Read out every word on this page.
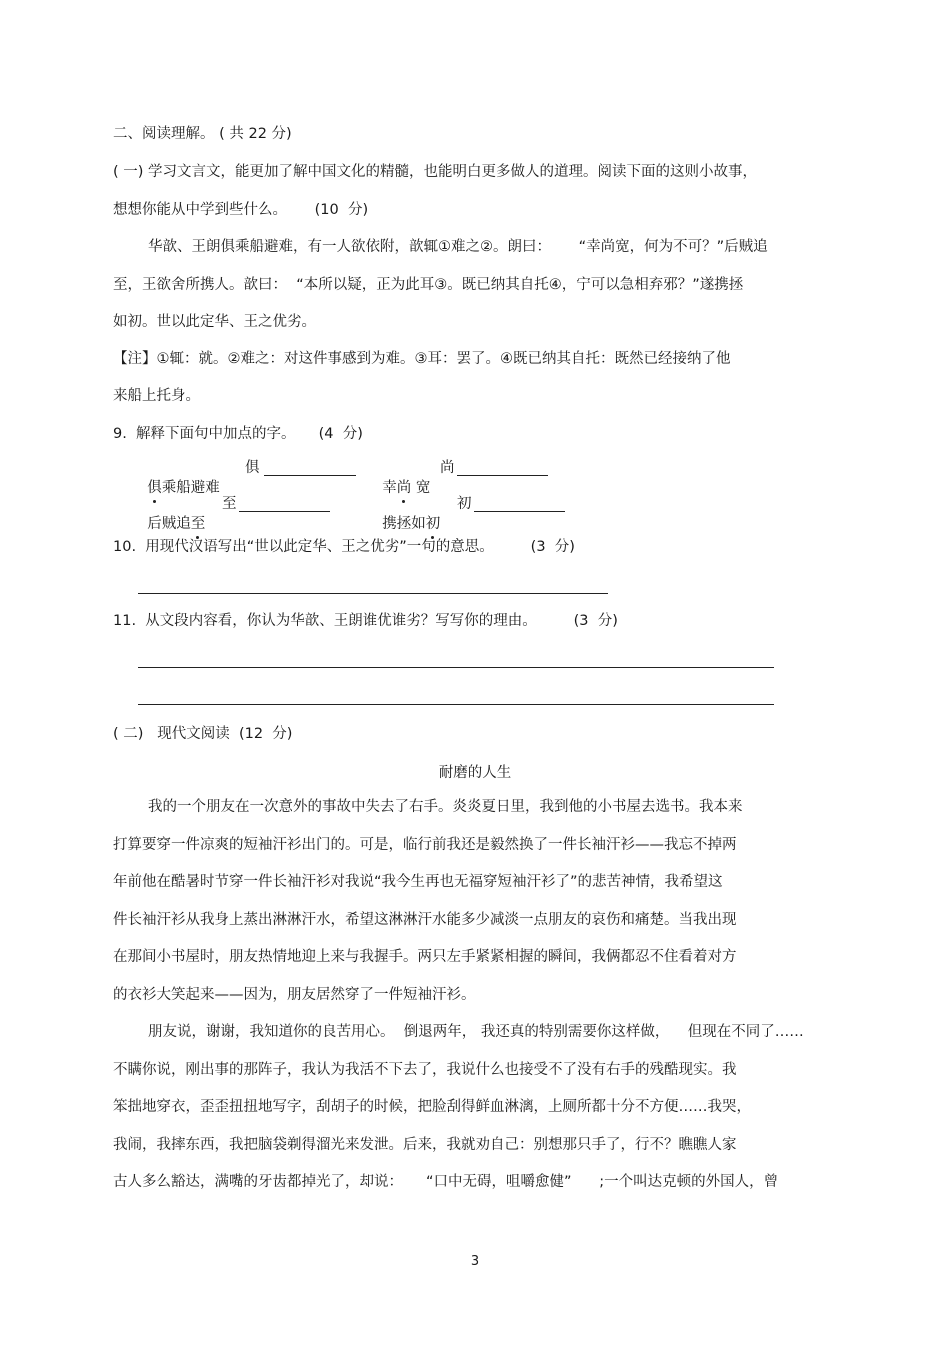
二、阅读理解。 ( 共 22 分)
( 一) 学习文言文，能更加了解中国文化的精髓，也能明白更多做人的道理。阅读下面的这则小故事，
想想你能从中学到些什么。      (10  分)
华歆、王朗俱乘船避难，有一人欲依附，歆辄①难之②。朗曰：      “幸尚宽，何为不可？”后贼追
至，王欲舍所携人。歆曰：  “本所以疑，正为此耳③。既已纳其自托④，宁可以急相弃邪？”遂携拯
如初。世以此定华、王之优劣。
【注】①辄：就。②难之：对这件事感到为难。③耳：罢了。④既已纳其自托：既然已经接纳了他
来船上托身。
9.  解释下面句中加点的字。     (4  分)

俱乘船避难

俱

幸尚 宽

尚

后贼追至

至

携拯如初

初
10.  用现代汉语写出“世以此定华、王之优劣”一句的意思。        (3  分)
11.  从文段内容看，你认为华歆、王朗谁优谁劣？写写你的理由。        (3  分)
( 二)   现代文阅读  (12  分)
耐磨的人生
我的一个朋友在一次意外的事故中失去了右手。炎炎夏日里，我到他的小书屋去选书。我本来
打算要穿一件凉爽的短袖汗衫出门的。可是，临行前我还是毅然换了一件长袖汗衫——我忘不掉两
年前他在酷暑时节穿一件长袖汗衫对我说“我今生再也无福穿短袖汗衫了”的悲苦神情，我希望这
件长袖汗衫从我身上蒸出淋淋汗水，希望这淋淋汗水能多少减淡一点朋友的哀伤和痛楚。当我出现
在那间小书屋时，朋友热情地迎上来与我握手。两只左手紧紧相握的瞬间，我俩都忍不住看着对方
的衣衫大笑起来——因为，朋友居然穿了一件短袖汗衫。
朋友说，谢谢，我知道你的良苦用心。  倒退两年， 我还真的特别需要你这样做，    但现在不同了……
不瞒你说，刚出事的那阵子，我认为我活不下去了，我说什么也接受不了没有右手的残酷现实。我
笨拙地穿衣，歪歪扭扭地写字，刮胡子的时候，把脸刮得鲜血淋漓，上厕所都十分不方便……我哭，
我闹，我摔东西，我把脑袋剃得溜光来发泄。后来，我就劝自己：别想那只手了，行不？瞧瞧人家
古人多么豁达，满嘴的牙齿都掉光了，却说：     “口中无碍，咀嚼愈健”      ;一个叫达克顿的外国人，曾
3
